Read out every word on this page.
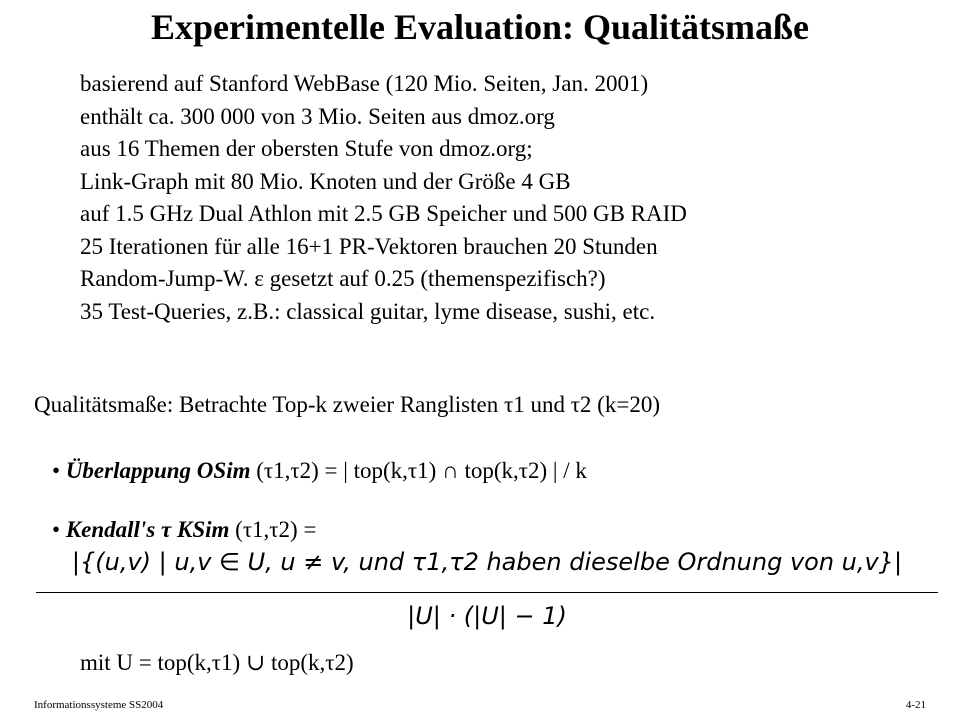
Experimentelle Evaluation: Qualitätsmaße
basierend auf Stanford WebBase (120 Mio. Seiten, Jan. 2001)
enthält ca. 300 000 von 3 Mio. Seiten aus dmoz.org
aus 16 Themen der obersten Stufe von dmoz.org;
Link-Graph mit 80 Mio. Knoten und der Größe 4 GB
auf 1.5 GHz Dual Athlon mit 2.5 GB Speicher und 500 GB RAID
25 Iterationen für alle 16+1 PR-Vektoren brauchen 20 Stunden
Random-Jump-W. ε gesetzt auf 0.25 (themenspezifisch?)
35 Test-Queries, z.B.: classical guitar, lyme disease, sushi, etc.
Qualitätsmaße: Betrachte Top-k zweier Ranglisten τ1 und τ2 (k=20)
• Überlappung OSim (τ1,τ2) = | top(k,τ1) ∩ top(k,τ2) | / k
• Kendall's τ KSim (τ1,τ2) =
|{(u,v) | u,v ∈ U, u ≠ v, und τ1,τ2 haben dieselbe Ordnung von u,v}|
|U| · (|U| − 1)
mit U = top(k,τ1) ∪ top(k,τ2)
Informationssysteme SS2004	4-21
